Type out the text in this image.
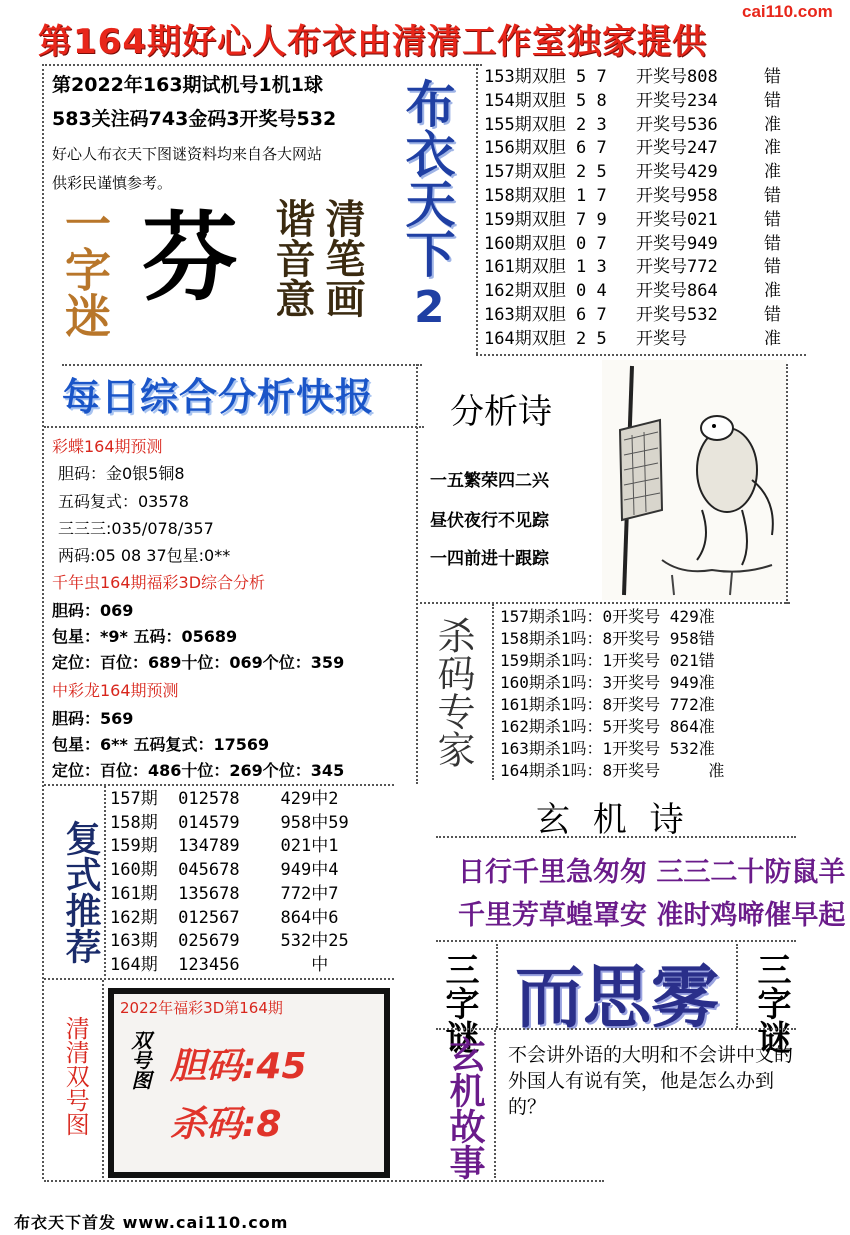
第164期好心人布衣由清清工作室独家提供
cai110.com
第2022年163期试机号1机1球
583关注码743金码3开奖号532
好心人布衣天下图谜资料均来自各大网站
供彩民谨慎参考。
一字迷 芬 清笔画
谐音意 布衣天下
2
153期双胆 5 7	开奖号808	错
154期双胆 5 8	开奖号234	错
155期双胆 2 3	开奖号536	准
156期双胆 6 7	开奖号247	准
157期双胆 2 5	开奖号429	准
158期双胆 1 7	开奖号958	错
159期双胆 7 9	开奖号021	错
160期双胆 0 7	开奖号949	错
161期双胆 1 3	开奖号772	错
162期双胆 0 4	开奖号864	准
163期双胆 6 7	开奖号532	错
164期双胆 2 5	开奖号	准
每日综合分析快报
彩蝶164期预测
胆码：金0银5铜8
五码复式：03578
三三三:035/078/357
两码:05 08 37包星:0**
千年虫164期福彩3D综合分析
胆码：069
包星：*9* 五码：05689
定位：百位：689十位：069个位：359
中彩龙164期预测
胆码：569
包星：6** 五码复式：17569
定位：百位：486十位：269个位：345
分析诗
一五繁荣四二兴
昼伏夜行不见踪
一四前进十跟踪
杀码专家 157期杀1吗：0开奖号 429准
158期杀1吗：8开奖号 958错
159期杀1吗：1开奖号 021错
160期杀1吗：3开奖号 949准
161期杀1吗：8开奖号 772准
162期杀1吗：5开奖号 864准
163期杀1吗：1开奖号 532准
164期杀1吗：8开奖号     准
复式推荐
157期  012578    429中2
158期  014579    958中59
159期  134789    021中1
160期  045678    949中4
161期  135678    772中7
162期  012567    864中6
163期  025679    532中25
164期  123456       中
玄 机 诗
日行千里急匆匆 三三二十防鼠羊
千里芳草蝗罩安 准时鸡啼催早起
三字谜 而思雾 三字谜
玄机故事 不会讲外语的大明和不会讲中文的外国人有说有笑，他是怎么办到的？
清清双号图
2022年福彩3D第164期
双号图 胆码:45
杀码:8
布衣天下首发 www.cai110.com
